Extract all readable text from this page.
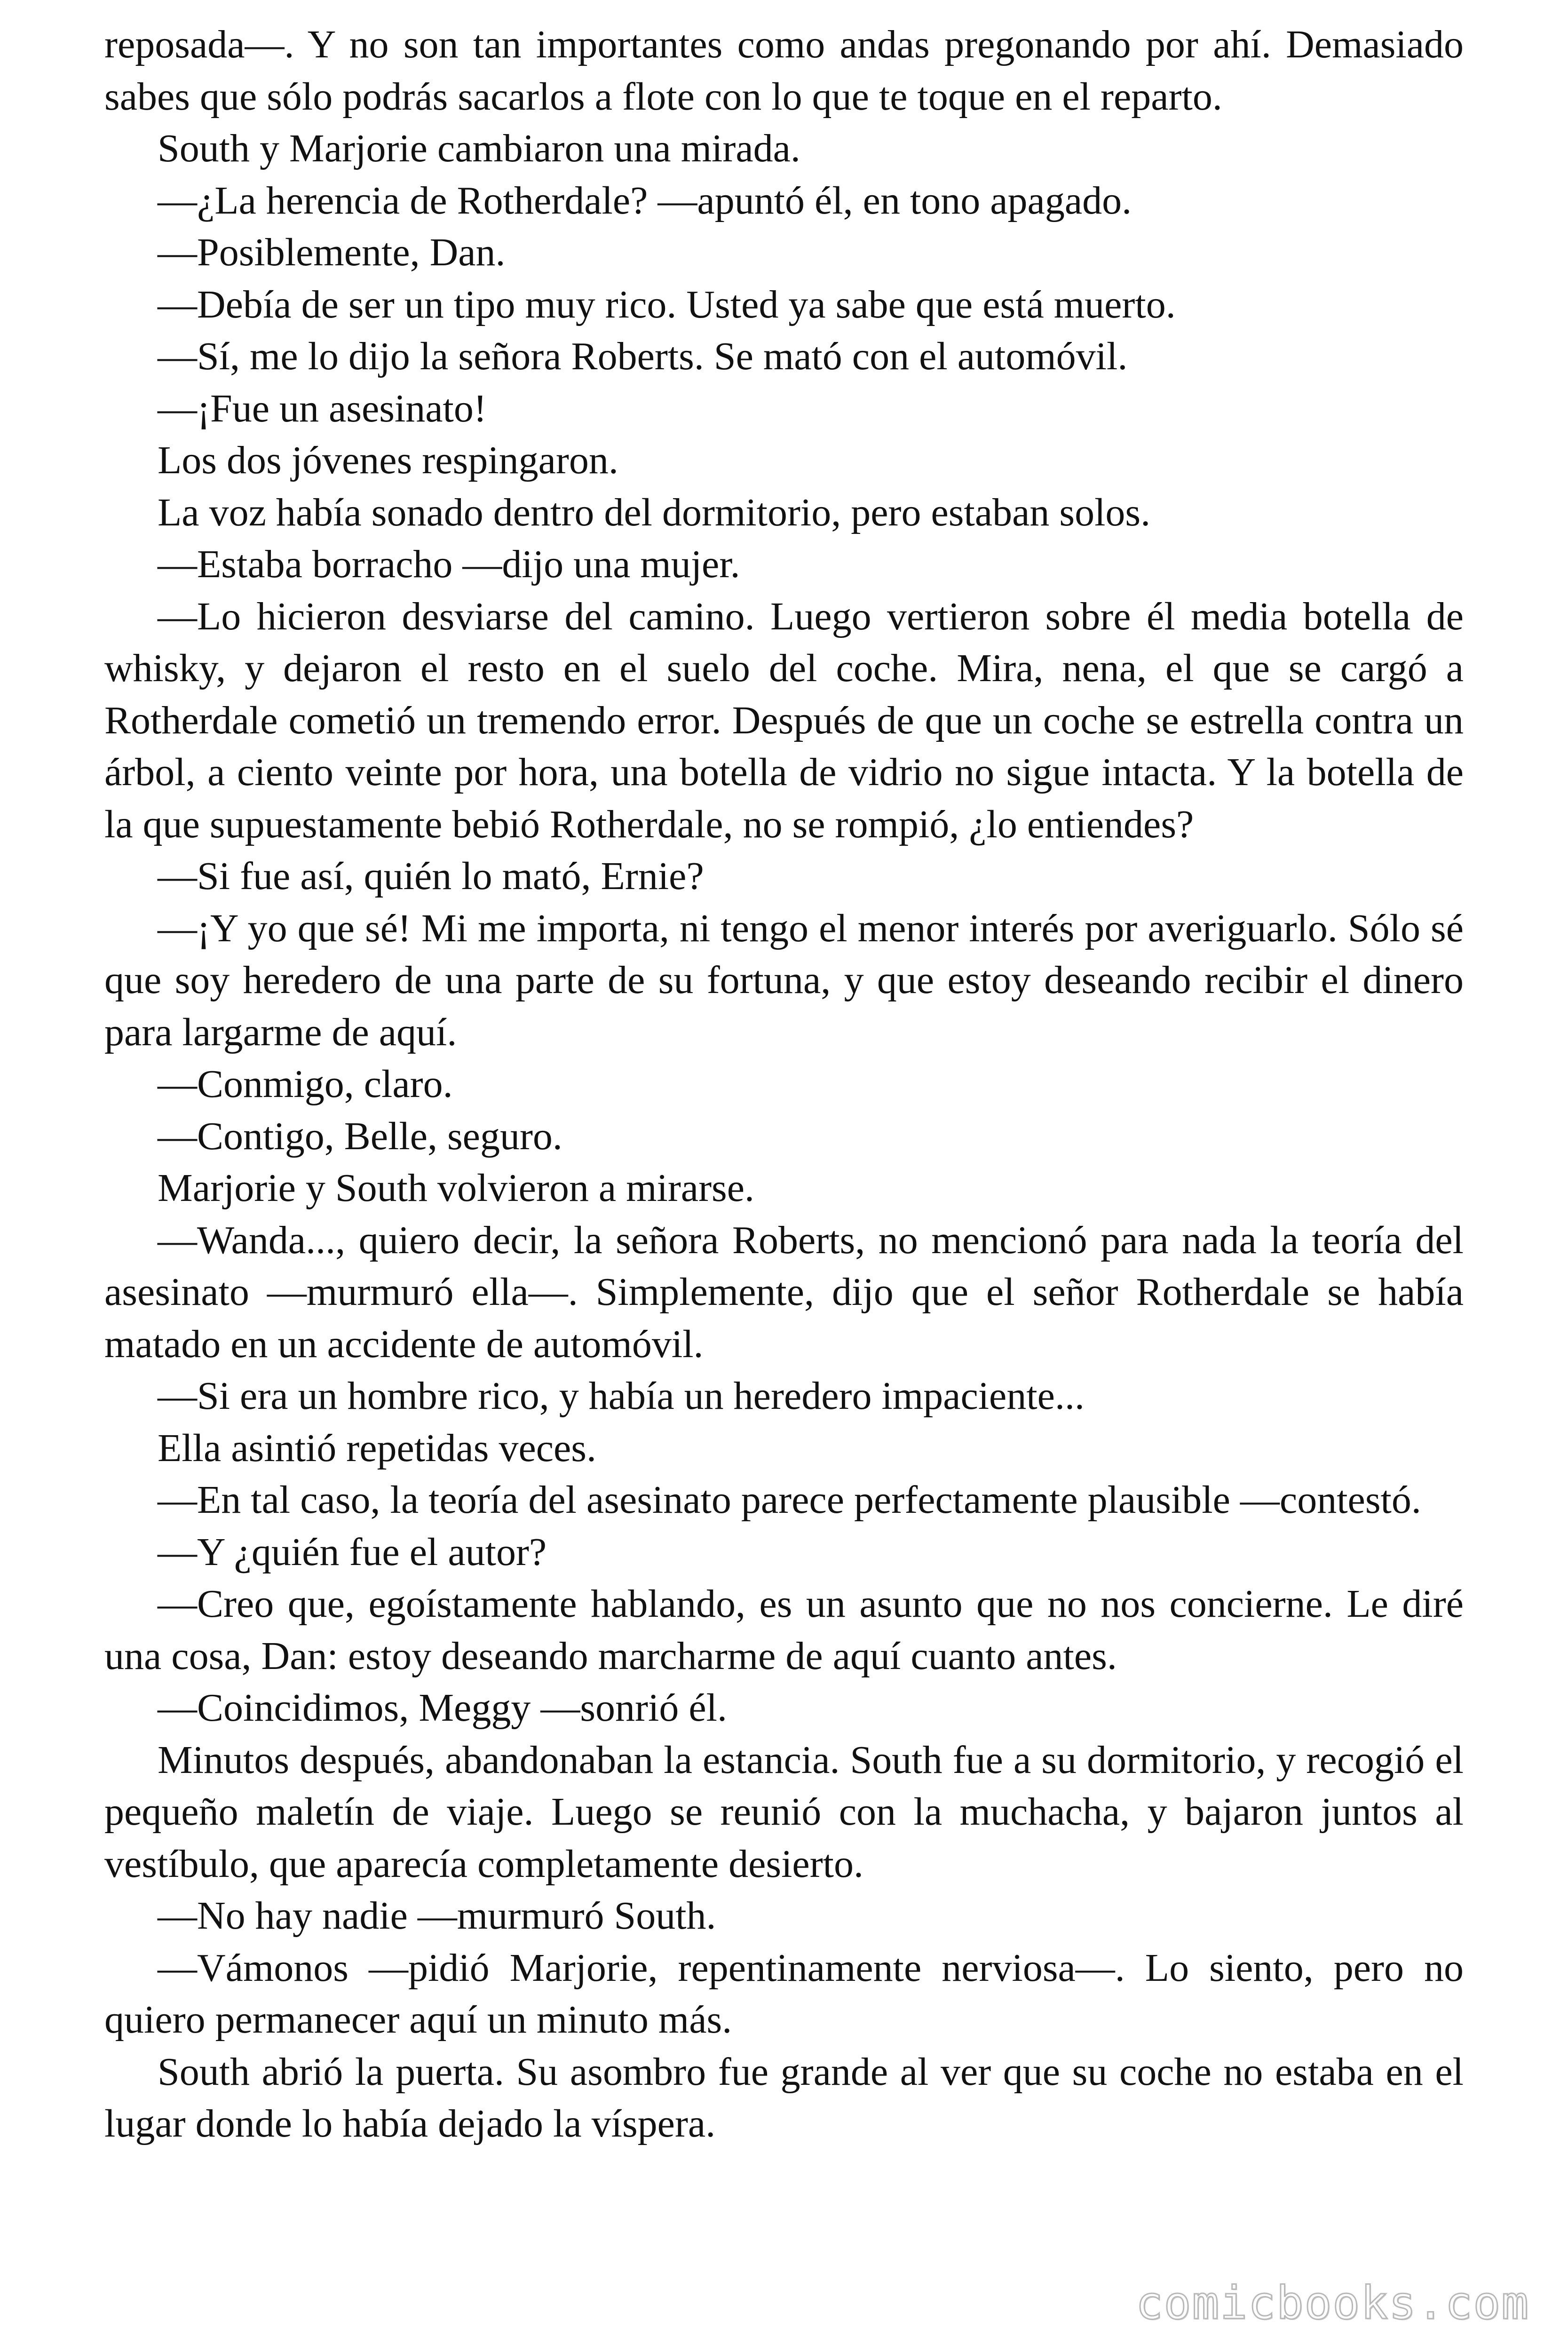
reposada—. Y no son tan importantes como andas pregonando por ahí. Demasiado sabes que sólo podrás sacarlos a flote con lo que te toque en el reparto.

South y Marjorie cambiaron una mirada.

—¿La herencia de Rotherdale? —apuntó él, en tono apagado.

—Posiblemente, Dan.

—Debía de ser un tipo muy rico. Usted ya sabe que está muerto.

—Sí, me lo dijo la señora Roberts. Se mató con el automóvil.

—¡Fue un asesinato!

Los dos jóvenes respingaron.

La voz había sonado dentro del dormitorio, pero estaban solos.

—Estaba borracho —dijo una mujer.

—Lo hicieron desviarse del camino. Luego vertieron sobre él media botella de whisky, y dejaron el resto en el suelo del coche. Mira, nena, el que se cargó a Rotherdale cometió un tremendo error. Después de que un coche se estrella contra un árbol, a ciento veinte por hora, una botella de vidrio no sigue intacta. Y la botella de la que supuestamente bebió Rotherdale, no se rompió, ¿lo entiendes?

—Si fue así, quién lo mató, Ernie?

—¡Y yo que sé! Mi me importa, ni tengo el menor interés por averiguarlo. Sólo sé que soy heredero de una parte de su fortuna, y que estoy deseando recibir el dinero para largarme de aquí.

—Conmigo, claro.

—Contigo, Belle, seguro.

Marjorie y South volvieron a mirarse.

—Wanda..., quiero decir, la señora Roberts, no mencionó para nada la teoría del asesinato —murmuró ella—. Simplemente, dijo que el señor Rotherdale se había matado en un accidente de automóvil.

—Si era un hombre rico, y había un heredero impaciente...

Ella asintió repetidas veces.

—En tal caso, la teoría del asesinato parece perfectamente plausible —contestó.

—Y ¿quién fue el autor?

—Creo que, egoístamente hablando, es un asunto que no nos concierne. Le diré una cosa, Dan: estoy deseando marcharme de aquí cuanto antes.

—Coincidimos, Meggy —sonrió él.

Minutos después, abandonaban la estancia. South fue a su dormitorio, y recogió el pequeño maletín de viaje. Luego se reunió con la muchacha, y bajaron juntos al vestíbulo, que aparecía completamente desierto.

—No hay nadie —murmuró South.

—Vámonos —pidió Marjorie, repentinamente nerviosa—. Lo siento, pero no quiero permanecer aquí un minuto más.

South abrió la puerta. Su asombro fue grande al ver que su coche no estaba en el lugar donde lo había dejado la víspera.

comicbooks.com
